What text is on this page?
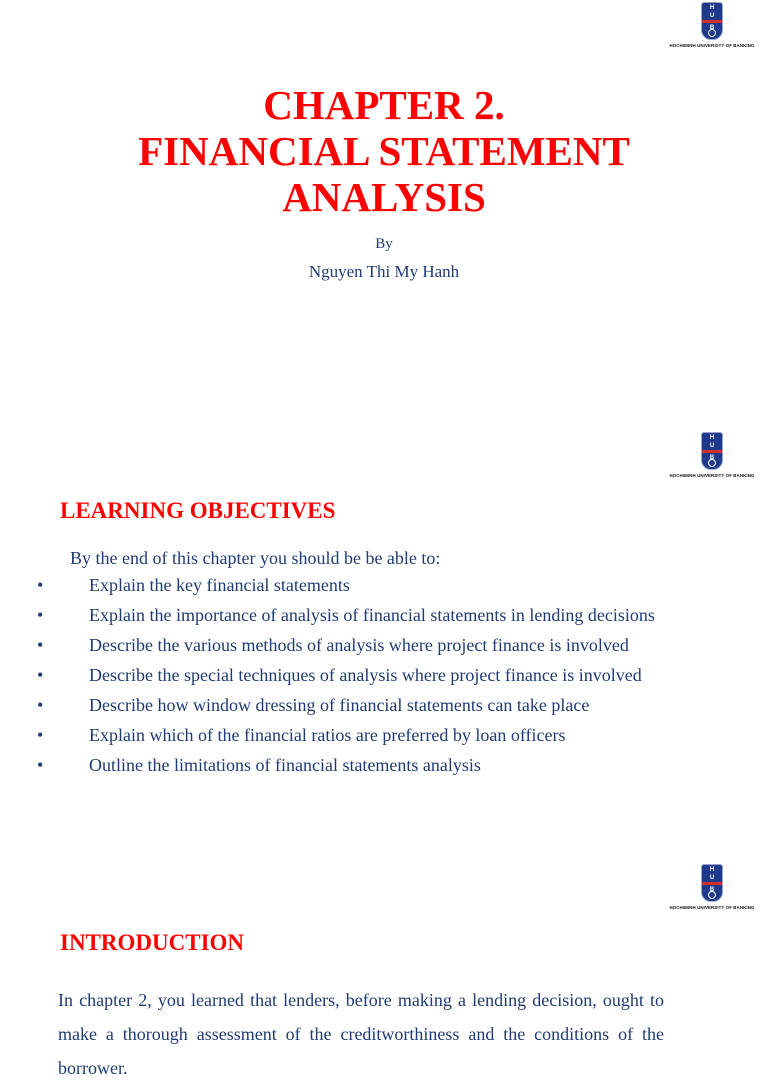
H
U
B
HOCHIMINH UNIVERSITY OF BANKING
CHAPTER 2.
FINANCIAL STATEMENT
ANALYSIS
By
Nguyen Thi My Hanh
H
U
B
HOCHIMINH UNIVERSITY OF BANKING
LEARNING OBJECTIVES
By the end of this chapter you should be be able to:
•	Explain the key financial statements
•	Explain the importance of analysis of financial statements in lending decisions
•	Describe the various methods of analysis where project finance is involved
•	Describe the special techniques of analysis where project finance is involved
•	Describe how window dressing of financial statements can take place
•	Explain which of the financial ratios are preferred by loan officers
•	Outline the limitations of financial statements analysis
H
U
B
HOCHIMINH UNIVERSITY OF BANKING
INTRODUCTION

In chapter 2, you learned that lenders, before making a lending decision, ought to make a thorough assessment of the creditworthiness and the conditions of the borrower.
